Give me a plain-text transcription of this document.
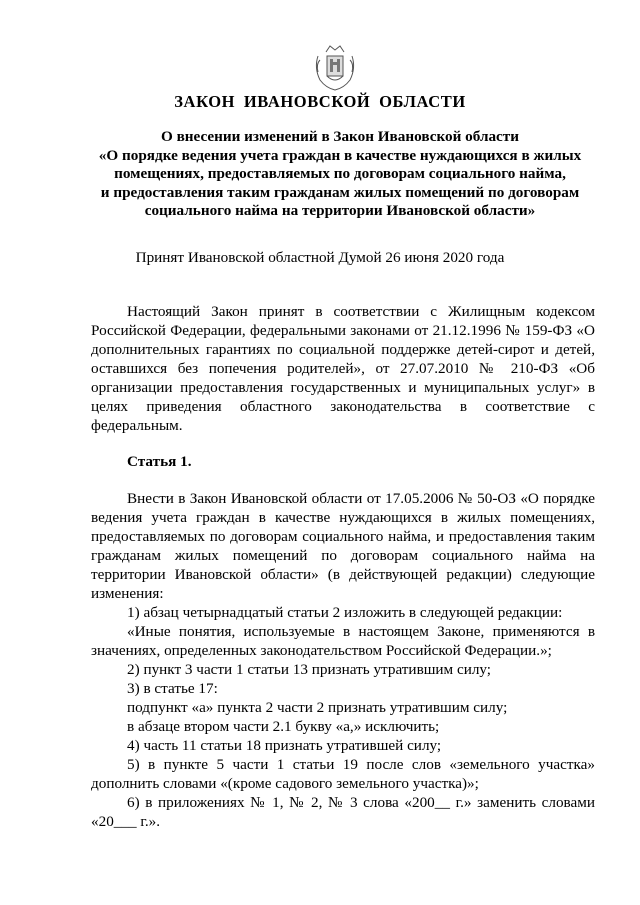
ЗАКОН ИВАНОВСКОЙ ОБЛАСТИ
О внесении изменений в Закон Ивановской области
«О порядке ведения учета граждан в качестве нуждающихся в жилых
помещениях, предоставляемых по договорам социального найма,
и предоставления таким гражданам жилых помещений по договорам
социального найма на территории Ивановской области»
Принят Ивановской областной Думой 26 июня 2020 года

Настоящий Закон принят в соответствии с Жилищным кодексом Российской Федерации, федеральными законами от 21.12.1996 № 159-ФЗ «О дополнительных гарантиях по социальной поддержке детей-сирот и детей, оставшихся без попечения родителей», от 27.07.2010 № 210-ФЗ «Об организации предоставления государственных и муниципальных услуг» в целях приведения областного законодательства в соответствие с федеральным.

Статья 1.

Внести в Закон Ивановской области от 17.05.2006 № 50-ОЗ «О порядке ведения учета граждан в качестве нуждающихся в жилых помещениях, предоставляемых по договорам социального найма, и предоставления таким гражданам жилых помещений по договорам социального найма на территории Ивановской области» (в действующей редакции) следующие изменения:

1) абзац четырнадцатый статьи 2 изложить в следующей редакции:

«Иные понятия, используемые в настоящем Законе, применяются в значениях, определенных законодательством Российской Федерации.»;

2) пункт 3 части 1 статьи 13 признать утратившим силу;

3) в статье 17:

подпункт «а» пункта 2 части 2 признать утратившим силу;

в абзаце втором части 2.1 букву «а,» исключить;

4) часть 11 статьи 18 признать утратившей силу;

5) в пункте 5 части 1 статьи 19 после слов «земельного участка» дополнить словами «(кроме садового земельного участка)»;

6) в приложениях № 1, № 2, № 3 слова «200__ г.» заменить словами «20___ г.».
